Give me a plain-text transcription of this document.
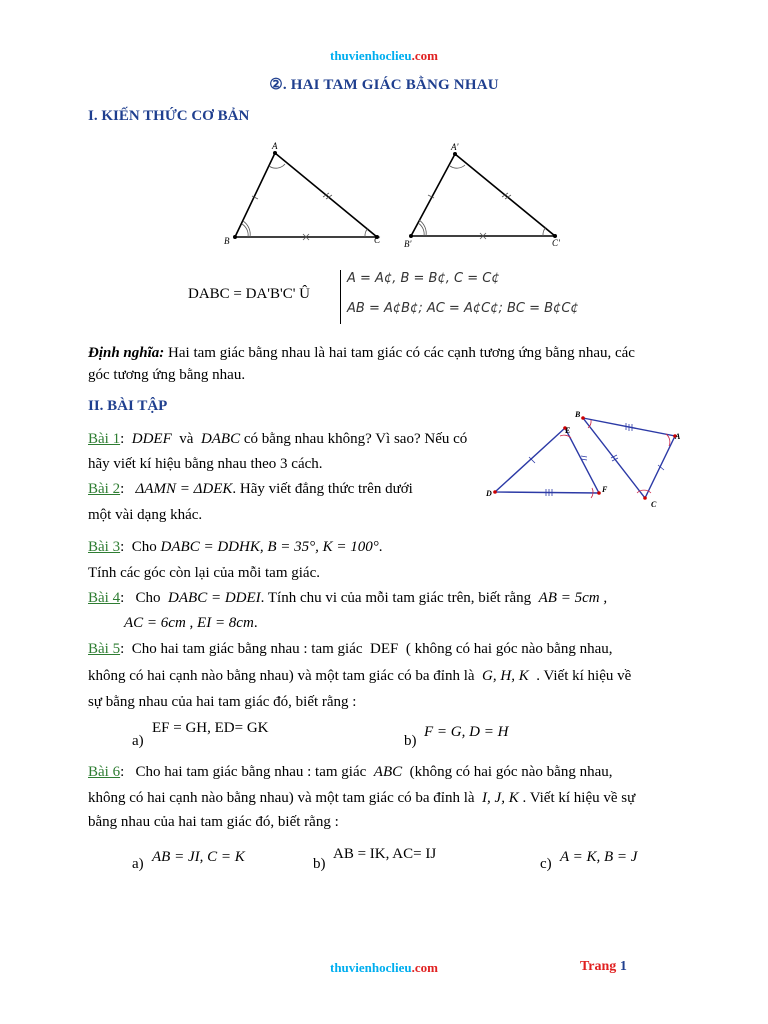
thuvienhoclieu.com
②. HAI TAM GIÁC BẰNG NHAU
I. KIẾN THỨC CƠ BẢN
A
B	C
A'
B'	C'
DABC = DA'B'C' Û
A = A¢, B = B¢, C = C¢
AB = A¢B¢; AC = A¢C¢; BC = B¢C¢
Định nghĩa: Hai tam giác bằng nhau là hai tam giác có các cạnh tương ứng bằng nhau, các
góc tương ứng bằng nhau.
II. BÀI TẬP
B
E
A
F
C
D
Bài 1:  DDEF và DABC có bằng nhau không? Vì sao? Nếu có
hãy viết kí hiệu bằng nhau theo 3 cách.
Bài 2:   ΔAMN = ΔDEK. Hãy viết đẳng thức trên dưới
một vài dạng khác.
Bài 3:  Cho DABC = DDHK, B = 35°, K = 100°.
Tính các góc còn lại của mỗi tam giác.
Bài 4:   Cho DABC = DDEI. Tính chu vi của mỗi tam giác trên, biết rằng AB = 5cm ,
AC = 6cm , EI = 8cm.
Bài 5:  Cho hai tam giác bằng nhau : tam giác DEF ( không có hai góc nào bằng nhau,
không có hai cạnh nào bằng nhau) và một tam giác có ba đỉnh là G, H, K . Viết kí hiệu về
sự bằng nhau của hai tam giác đó, biết rằng :
a)
EF = GH, ED= GK
b)
F = G, D = H
Bài 6:   Cho hai tam giác bằng nhau : tam giác ABC (không có hai góc nào bằng nhau,
không có hai cạnh nào bằng nhau) và một tam giác có ba đỉnh là I, J, K . Viết kí hiệu về sự
bằng nhau của hai tam giác đó, biết rằng :
a) AB = JI, C = K	b)
AB = IK, AC= IJ
c) A = K, B = J
thuvienhoclieu.com	Trang 1
